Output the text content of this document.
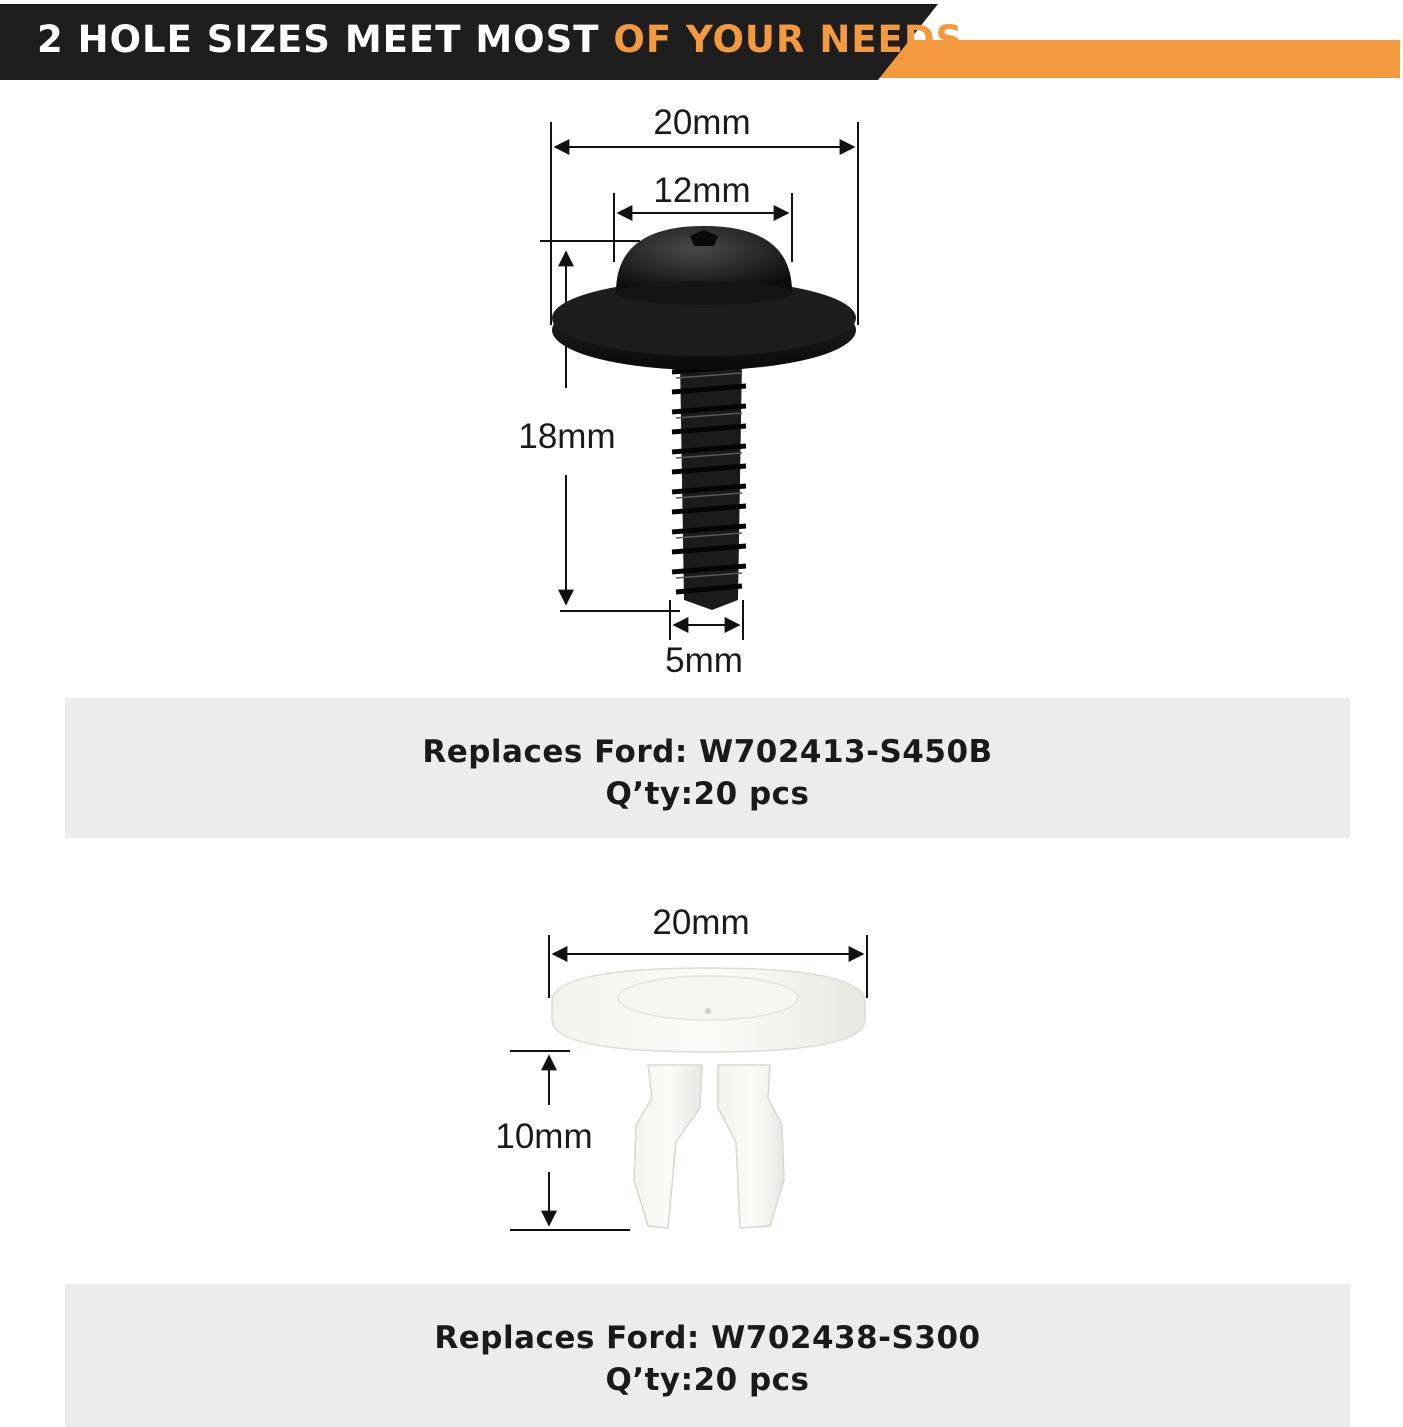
2 HOLE SIZES MEET MOST OF YOUR NEEDS
20mm
12mm
18mm
5mm
Replaces Ford: W702413-S450B
Q’ty:20 pcs
20mm
10mm
Replaces Ford: W702438-S300
Q’ty:20 pcs
